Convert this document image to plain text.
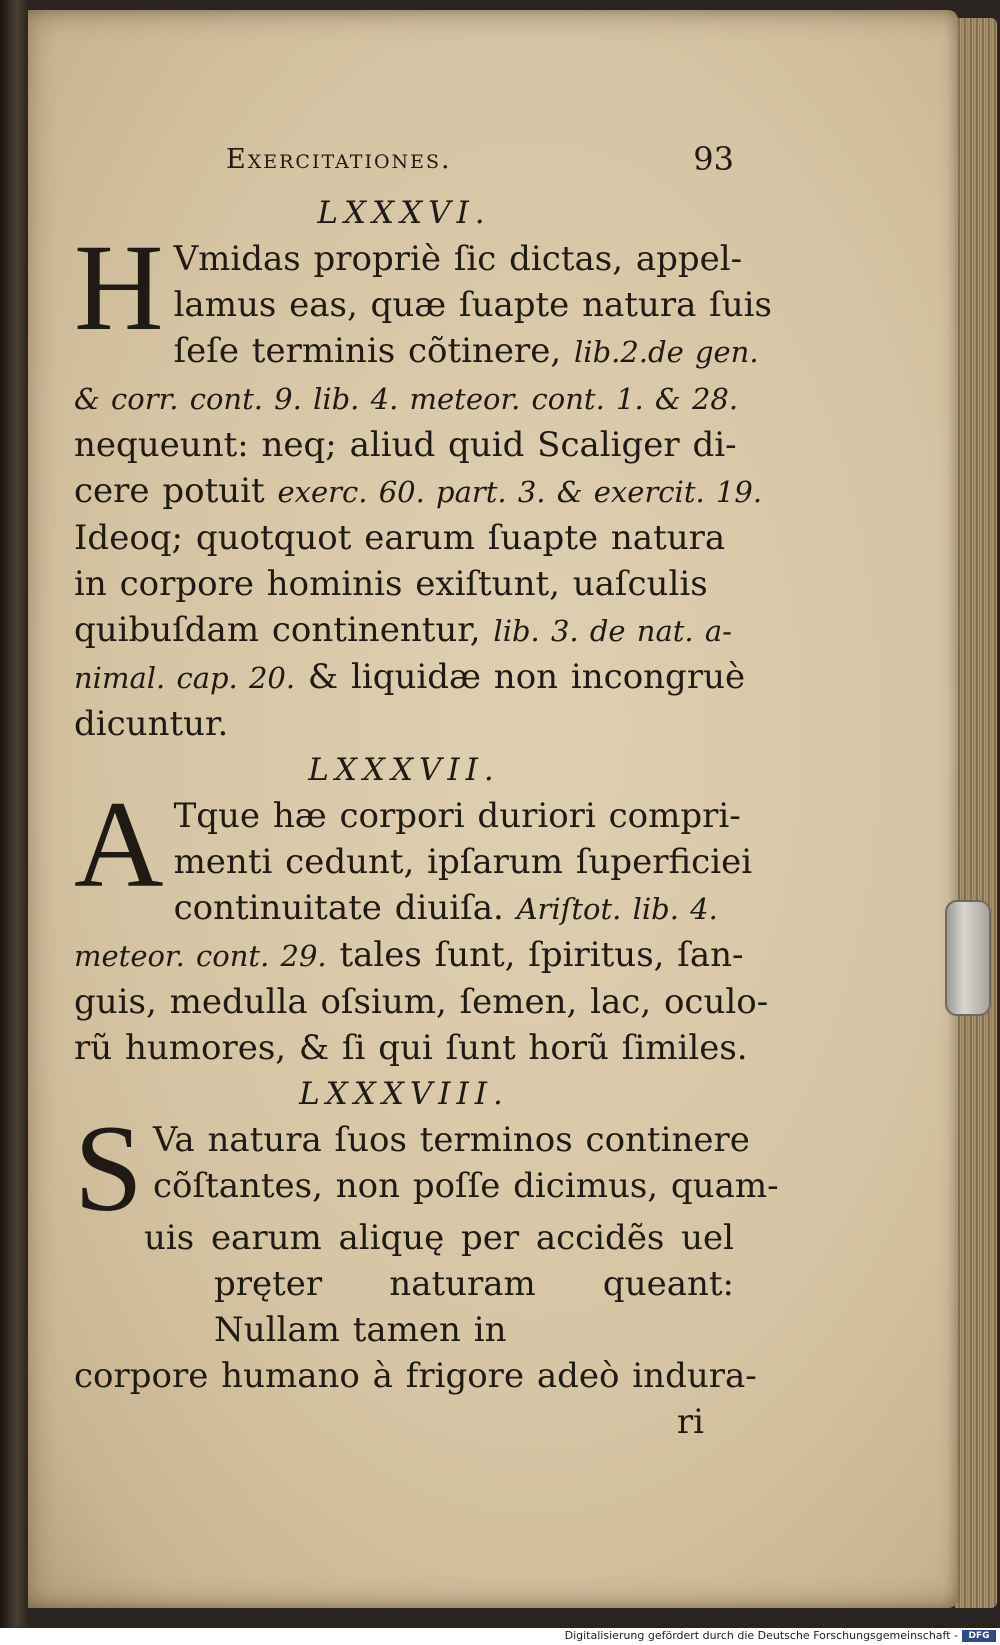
Exercitationes.	93
LXXXVI.
H Vmidas propriè ſic dictas, appel-
lamus eas, quæ ſuapte natura ſuis
ſeſe terminis cõtinere, lib.2.de gen.
& corr. cont. 9. lib. 4. meteor. cont. 1. & 28.
nequeunt: neq; aliud quid Scaliger di-
cere potuit exerc. 60. part. 3. & exercit. 19.
Ideoq; quotquot earum ſuapte natura
in corpore hominis exiſtunt, uaſculis
quibuſdam continentur, lib. 3. de nat. a-
nimal. cap. 20. & liquidæ non incongruè
dicuntur.
LXXXVII.
A Tque hæ corpori duriori compri-
menti cedunt, ipſarum ſuperficiei
continuitate diuiſa. Ariſtot. lib. 4.
meteor. cont. 29. tales ſunt, ſpiritus, ſan-
guis, medulla oſsium, ſemen, lac, oculo-
rũ humores, & ſi qui ſunt horũ ſimiles.
LXXXVIII.
S Va natura ſuos terminos continere
cõſtantes, non poſſe dicimus, quam-
uis earum aliquę per accidẽs uel pręter naturam queant: Nullam tamen in
corpore humano à frigore adeò indura-
ri
Digitalisierung gefördert durch die Deutsche Forschungsgemeinschaft -	DFG
